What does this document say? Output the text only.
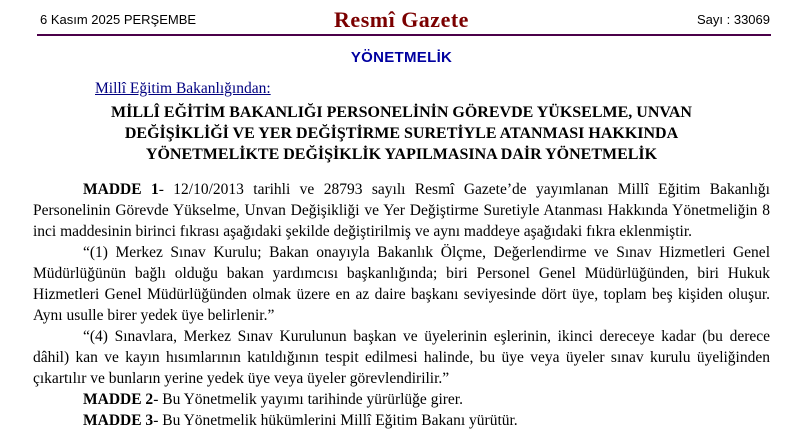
6 Kasım 2025 PERŞEMBE	Resmî Gazete	Sayı : 33069
YÖNETMELİK
Millî Eğitim Bakanlığından:
MİLLÎ EĞİTİM BAKANLIĞI PERSONELİNİN GÖREVDE YÜKSELME, UNVAN
DEĞİŞİKLİĞİ VE YER DEĞİŞTİRME SURETİYLE ATANMASI HAKKINDA
YÖNETMELİKTE DEĞİŞİKLİK YAPILMASINA DAİR YÖNETMELİK

MADDE 1- 12/10/2013 tarihli ve 28793 sayılı Resmî Gazete’de yayımlanan Millî Eğitim Bakanlığı Personelinin Görevde Yükselme, Unvan Değişikliği ve Yer Değiştirme Suretiyle Atanması Hakkında Yönetmeliğin 8 inci maddesinin birinci fıkrası aşağıdaki şekilde değiştirilmiş ve aynı maddeye aşağıdaki fıkra eklenmiştir.

“(1) Merkez Sınav Kurulu; Bakan onayıyla Bakanlık Ölçme, Değerlendirme ve Sınav Hizmetleri Genel Müdürlüğünün bağlı olduğu bakan yardımcısı başkanlığında; biri Personel Genel Müdürlüğünden, biri Hukuk Hizmetleri Genel Müdürlüğünden olmak üzere en az daire başkanı seviyesinde dört üye, toplam beş kişiden oluşur. Aynı usulle birer yedek üye belirlenir.”

“(4) Sınavlara, Merkez Sınav Kurulunun başkan ve üyelerinin eşlerinin, ikinci dereceye kadar (bu derece dâhil) kan ve kayın hısımlarının katıldığının tespit edilmesi halinde, bu üye veya üyeler sınav kurulu üyeliğinden çıkartılır ve bunların yerine yedek üye veya üyeler görevlendirilir.”

MADDE 2- Bu Yönetmelik yayımı tarihinde yürürlüğe girer.

MADDE 3- Bu Yönetmelik hükümlerini Millî Eğitim Bakanı yürütür.
